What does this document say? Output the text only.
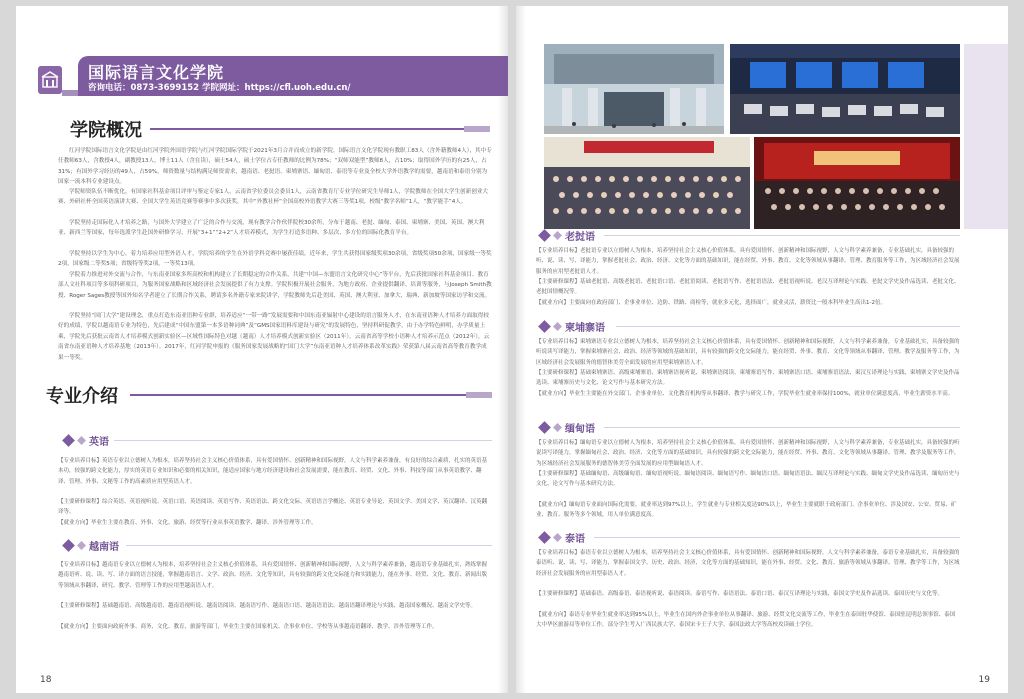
国际语言文化学院
咨询电话：0873-3699152 学院网址：https://cfl.uoh.edu.cn/
学院概况

红河学院国际语言文化学院是由红河学院外国语学院与红河学院国际学院于2021年3月合并而成立的新学院。国际语言文化学院现有教职工83人（含外籍教师4人），其中专任教师63人，含教授4人，副教授13人，博士11人（含在读），硕士54人，硕士学位占专任教师的比例为78%；“双师双能型”教师8人，占10%；取得国外学历的有25人，占31%；有国外学习经历的49人，占59%，师资数量与结构满足师资需求，越南语、老挝语、柬埔寨语、缅甸语、泰语等专业及全校大学外语教学的需要，越南语和泰语分别为国家一流本科专业建设点。

学院师资队伍不断优化，有国家社科基金项目评审与鉴定专家1人，云南省学位委员会委员1人，云南省教育厅专业学位研究生导师1人，学院教师在全国大学生创新创业大赛、外研社杯全国英语演讲大赛、全国大学生英语竞赛等赛事中多次获奖，其中“外教社杯”全国高校外语教学大赛三等奖1项，校级“教学名师”1人，“教学能手”4人。

学院坚持走国际化人才培养之路，与国外大学建立了广泛的合作与交流，现有教学合作伙伴院校30余所，分布于越南、老挝、缅甸、泰国、柬埔寨、美国、英国、澳大利亚、新西兰等国家，每年选派学生赴国外研修学习，开展“3+1”“2+2”人才培养模式，为学生打造多语种、多层次、多方位的国际化教育平台。

学院坚持以学生为中心，着力培养应用型外语人才，学院培养的学生在外语学科竞赛中屡获佳绩，近年来，学生共获得国家级奖项30余项，省级奖项50余项，国家级一等奖2项，国家级二等奖5项；省级特等奖2项，一等奖13项。

学院着力推进对外交流与合作，与东南亚国家多所高校和机构建立了长期稳定的合作关系，共建“中国—东盟语言文化研究中心”等平台，先后获批国家社科基金项目、教育部人文社科项目等多项科研项目，为服务国家战略和区域经济社会发展提供了有力支撑。学院积极开展社会服务，为地方政府、企业提供翻译、培训等服务，与Joseph Smith教授、Roger Sages教授等国外知名学者建立了长期合作关系，聘请多名外籍专家来院讲学，学院教师先后赴美国、英国、澳大利亚、加拿大、瑞典、新加坡等国家访学和交流。

学院坚持“国门大学”建设理念，重点打造东南亚语种专业群，培养适应“一带一路”发展需要和中国东南亚辐射中心建设的语言服务人才，在东南亚语种人才培养方面取得较好的成绩，学院以越南语专业为特色，先后建成“中国东盟第一本多语种词典”及“GMS国家语料库建设与研究”的发展特色，坚持科研促教学，由于办学特色鲜明，办学质量上乘，学院先后获批云南省人才培养模式创新实验区—区域性国际特色对越（越南）人才培养模式创新实验区（2011年），云南省高等学校小语种人才培养示范点（2012年），云南省东南亚语种人才培养基地（2013年）。2017年，红河学院申报的《服务国家发展战略的“国门大学”东南亚语种人才培养体系改革实践》荣获第八届云南省高等教育教学成果一等奖。

专业介绍
英语

【专业培养目标】英语专业以立德树人为根本，培养坚持社会主义核心价值体系，具有爱国情怀、创新精神和国际视野，人文与科学素养兼备，有良好的综合素质，扎实的英语基本功，较强的跨文化能力，厚实的英语专业知识和必要的相关知识，能适应国家与地方经济建设和社会发展需要，能在教育、经贸、文化、外事、科技等部门从事英语教学、翻译、管理、外事、文秘等工作的高素质应用型英语人才。

【主要研修课程】综合英语、英语视听说、英语口语、英语阅读、英语写作、英语语法、跨文化交际、英语语言学概论、英语专业导论、英国文学、美国文学、英汉翻译、汉英翻译等。

【就业方向】毕业生主要在教育、外事、文化、旅游、经贸等行业从事英语教学、翻译、涉外管理等工作。

越南语

【专业培养目标】越南语专业以立德树人为根本，培养坚持社会主义核心价值体系，具有爱国情怀、创新精神和国际视野，人文与科学素养兼备，越南语专业基础扎实，熟练掌握越南语听、说、读、写、译方面的语言技能，掌握越南语言、文学、政治、经济、文化等知识，具有较强的跨文化交际能力和实践能力，能在外事、经贸、文化、教育、新闻出版等领域从事翻译、研究、教学、管理等工作的应用型越南语人才。

【主要研修课程】基础越南语、高级越南语、越南语视听说、越南语阅读、越南语写作、越南语口语、越南语语法、越南语翻译理论与实践、越南国家概况、越南文学史等。

【就业方向】主要面向政府外事、商务、文化、教育、旅游等部门，毕业生主要在国家机关、企事业单位、学校等从事越南语翻译、教学、涉外管理等工作。

18
老挝语

【专业培养目标】老挝语专业以立德树人为根本，培养坚持社会主义核心价值体系，具有爱国情怀、创新精神和国际视野，人文与科学素养兼备，专业基础扎实，具备较强的听、说、读、写、译能力，掌握老挝社会、政治、经济、文化等方面的基础知识，能在经贸、外事、教育、文化等领域从事翻译、管理、教育服务等工作，为区域经济社会发展服务的应用型老挝语人才。

【主要研修课程】基础老挝语、高级老挝语、老挝语口语、老挝语阅读、老挝语写作、老挝语语法、老挝语视听说、老汉互译理论与实践、老挝文学史及作品选读、老挝文化、老挝国情概况等。

【就业方向】主要面向在政府部门、企事业单位、边防、铁路、商检等，就业多元化，选择面广，就业灵活，薪资比一般本科毕业生高出1-2倍。

柬埔寨语

【专业培养目标】柬埔寨语专业以立德树人为根本，培养坚持社会主义核心价值体系，具有爱国情怀、创新精神和国际视野，人文与科学素养兼备，专业基础扎实，具备较强的听说读写译能力，掌握柬埔寨社会、政治、经济等领域的基础知识，具有较强的跨文化交际能力，能在经贸、外事、教育、文化等领域从事翻译、管理、教学及服务等工作，为区域经济社会发展服务的德智体美劳全面发展的应用型柬埔寨语人才。

【主要研修课程】基础柬埔寨语、高级柬埔寨语、柬埔寨语视听说、柬埔寨语阅读、柬埔寨语写作、柬埔寨语口语、柬埔寨语语法、柬汉互译理论与实践、柬埔寨文学史及作品选读、柬埔寨历史与文化、论文写作与基本研究方法。

【就业方向】毕业生主要能在外交部门、企事业单位、文化教育机构等从事翻译、教学与研究工作，学院毕业生就业率保持100%，就业单位满意度高，毕业生薪资水平高。

缅甸语

【专业培养目标】缅甸语专业以立德树人为根本，培养坚持社会主义核心价值体系，具有爱国情怀、创新精神和国际视野，人文与科学素养兼备，专业基础扎实，具备较强的听说读写译能力，掌握缅甸社会、政治、经济、文化等方面的基础知识，具有较强的跨文化交际能力，能在经贸、外事、教育、文化等领域从事翻译、管理、教学及服务等工作，为区域经济社会发展服务的德智体美劳全面发展的应用型缅甸语人才。

【主要研修课程】基础缅甸语、高级缅甸语、缅甸语视听说、缅甸语阅读、缅甸语写作、缅甸语口语、缅甸语语法、缅汉互译理论与实践、缅甸文学史及作品选读、缅甸历史与文化、论文写作与基本研究方法。

【就业方向】缅甸语专业面向国际化需要，就业率达到97%以上，学生就业与专业相关度达90%以上，毕业生主要就职于政府部门、企事业单位、涉及国安、公安、贸易、矿业、教育、服务等多个领域，用人单位满意度高。

泰语

【专业培养目标】泰语专业以立德树人为根本，培养坚持社会主义核心价值体系，具有爱国情怀、创新精神和国际视野，人文与科学素养兼备，泰语专业基础扎实，具备较强的泰语听、说、读、写、译能力，掌握泰国文学、历史、政治、经济、文化等方面的基础知识，能在外事、经贸、文化、教育、旅游等领域从事翻译、管理、教学等工作，为区域经济社会发展服务的应用型泰语人才。

【主要研修课程】基础泰语、高级泰语、泰语视听说、泰语阅读、泰语写作、泰语语法、泰语口语、泰汉互译理论与实践、泰国文学史及作品选读、泰国历史与文化等。

【就业方向】泰语专业毕业生就业率达到95%以上，毕业生在国内外企事业单位从事翻译、旅游、经贸文化交流等工作，毕业生在泰国驻华使馆、泰国驻昆明总领事馆、泰国大中华区旅游局等单位工作，部分学生考入广西民族大学、泰国宋卡王子大学、泰国法政大学等高校攻读硕士学位。

19
